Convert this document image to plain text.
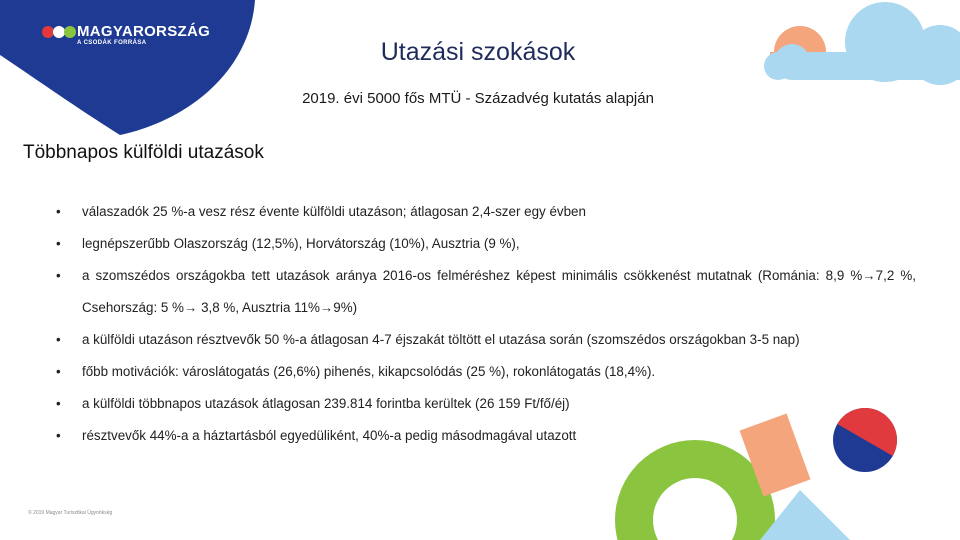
MAGYARORSZÁG
A CSODÁK FORRÁSA	Utazási szokások
2019. évi 5000 fős MTÜ - Századvég kutatás alapján
Többnapos külföldi utazások
• válaszadók 25 %-a vesz rész évente külföldi utazáson; átlagosan 2,4-szer egy évben
• legnépszerűbb Olaszország (12,5%), Horvátország (10%), Ausztria (9 %),
• a szomszédos országokba tett utazások aránya 2016-os felméréshez képest minimális csökkenést mutatnak (Románia: 8,9 %→7,2 %, Csehország: 5 %→ 3,8 %, Ausztria 11%→9%)
• a külföldi utazáson résztvevők 50 %-a átlagosan 4-7 éjszakát töltött el utazása során (szomszédos országokban 3-5 nap)
• főbb motivációk: városlátogatás (26,6%) pihenés, kikapcsolódás (25 %), rokonlátogatás (18,4%).
• a külföldi többnapos utazások átlagosan 239.814 forintba kerültek (26 159 Ft/fő/éj)
• résztvevők 44%-a a háztartásból egyedüliként, 40%-a pedig másodmagával utazott
© 2019 Magyar Turisztikai Ügynökség
